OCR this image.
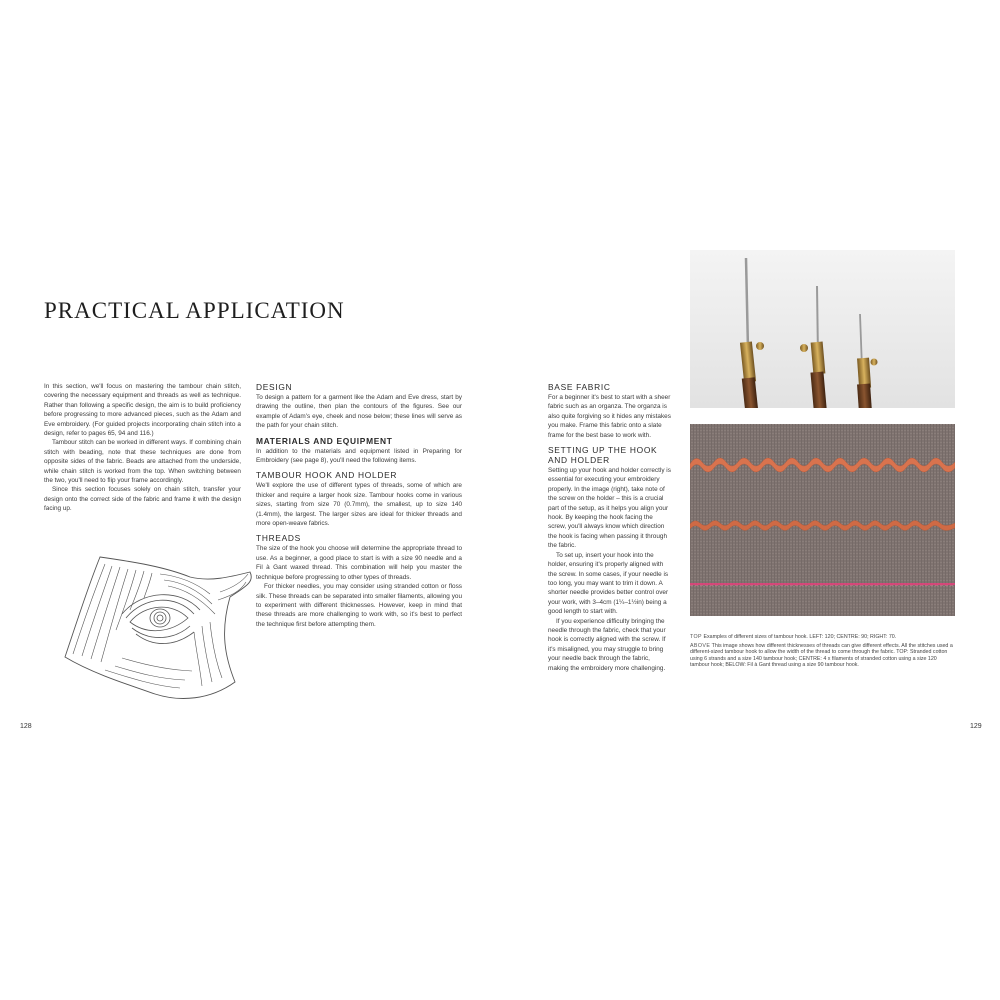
PRACTICAL APPLICATION

In this section, we'll focus on mastering the tambour chain stitch, covering the necessary equipment and threads as well as technique. Rather than following a specific design, the aim is to build proficiency before progressing to more advanced pieces, such as the Adam and Eve embroidery. (For guided projects incorporating chain stitch into a design, refer to pages 65, 94 and 116.)

Tambour stitch can be worked in different ways. If combining chain stitch with beading, note that these techniques are done from opposite sides of the fabric. Beads are attached from the underside, while chain stitch is worked from the top. When switching between the two, you'll need to flip your frame accordingly.

Since this section focuses solely on chain stitch, transfer your design onto the correct side of the fabric and frame it with the design facing up.

DESIGN

To design a pattern for a garment like the Adam and Eve dress, start by drawing the outline, then plan the contours of the figures. See our example of Adam's eye, cheek and nose below; these lines will serve as the path for your chain stitch.

MATERIALS AND EQUIPMENT

In addition to the materials and equipment listed in Preparing for Embroidery (see page 8), you'll need the following items.

TAMBOUR HOOK AND HOLDER

We'll explore the use of different types of threads, some of which are thicker and require a larger hook size. Tambour hooks come in various sizes, starting from size 70 (0.7mm), the smallest, up to size 140 (1.4mm), the largest. The larger sizes are ideal for thicker threads and more open-weave fabrics.

THREADS

The size of the hook you choose will determine the appropriate thread to use. As a beginner, a good place to start is with a size 90 needle and a Fil à Gant waxed thread. This combination will help you master the technique before progressing to other types of threads.

For thicker needles, you may consider using stranded cotton or floss silk. These threads can be separated into smaller filaments, allowing you to experiment with different thicknesses. However, keep in mind that these threads are more challenging to work with, so it's best to perfect the technique first before attempting them.

BASE FABRIC

For a beginner it's best to start with a sheer fabric such as an organza. The organza is also quite forgiving so it hides any mistakes you make. Frame this fabric onto a slate frame for the best base to work with.

SETTING UP THE HOOK AND HOLDER

Setting up your hook and holder correctly is essential for executing your embroidery properly. In the image (right), take note of the screw on the holder – this is a crucial part of the setup, as it helps you align your hook. By keeping the hook facing the screw, you'll always know which direction the hook is facing when passing it through the fabric.

To set up, insert your hook into the holder, ensuring it's properly aligned with the screw. In some cases, if your needle is too long, you may want to trim it down. A shorter needle provides better control over your work, with 3–4cm (1¼–1½in) being a good length to start with.

If you experience difficulty bringing the needle through the fabric, check that your hook is correctly aligned with the screw. If it's misaligned, you may struggle to bring your needle back through the fabric, making the embroidery more challenging.

TOP Examples of different sizes of tambour hook. LEFT: 120; CENTRE: 90; RIGHT: 70.

ABOVE This image shows how different thicknesses of threads can give different effects. All the stitches used a different-sized tambour hook to allow the width of the thread to come through the fabric. TOP: Stranded cotton using 6 strands and a size 140 tambour hook; CENTRE: 4 x filaments of stranded cotton using a size 120 tambour hook; BELOW: Fil à Gant thread using a size 90 tambour hook.

128	129
